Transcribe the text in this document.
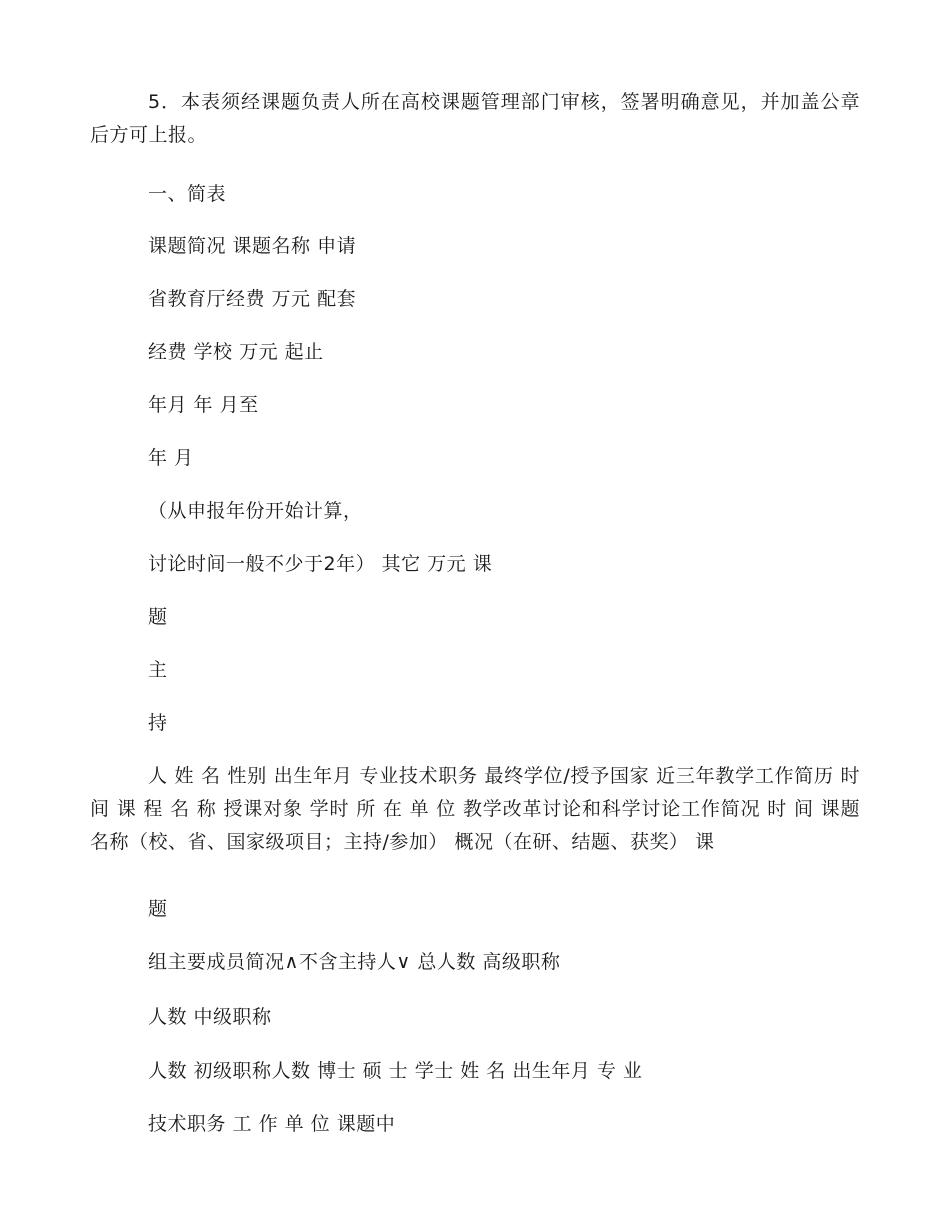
5．本表须经课题负责人所在高校课题管理部门审核，签署明确意见，并加盖公章后方可上报。
一、简表
课题简况 课题名称 申请
省教育厅经费 万元 配套
经费 学校 万元 起止
年月 年 月至
年 月
（从申报年份开始计算，
讨论时间一般不少于2年） 其它 万元 课
题
主
持
人 姓 名 性别 出生年月 专业技术职务 最终学位/授予国家 近三年教学工作简历 时 间 课 程 名 称 授课对象 学时 所 在 单 位 教学改革讨论和科学讨论工作简况 时 间 课题名称（校、省、国家级项目；主持/参加） 概况（在研、结题、获奖） 课
题
组主要成员简况∧不含主持人∨ 总人数 高级职称
人数 中级职称
人数 初级职称人数 博士 硕 士 学士 姓 名 出生年月 专 业
技术职务 工 作 单 位 课题中
